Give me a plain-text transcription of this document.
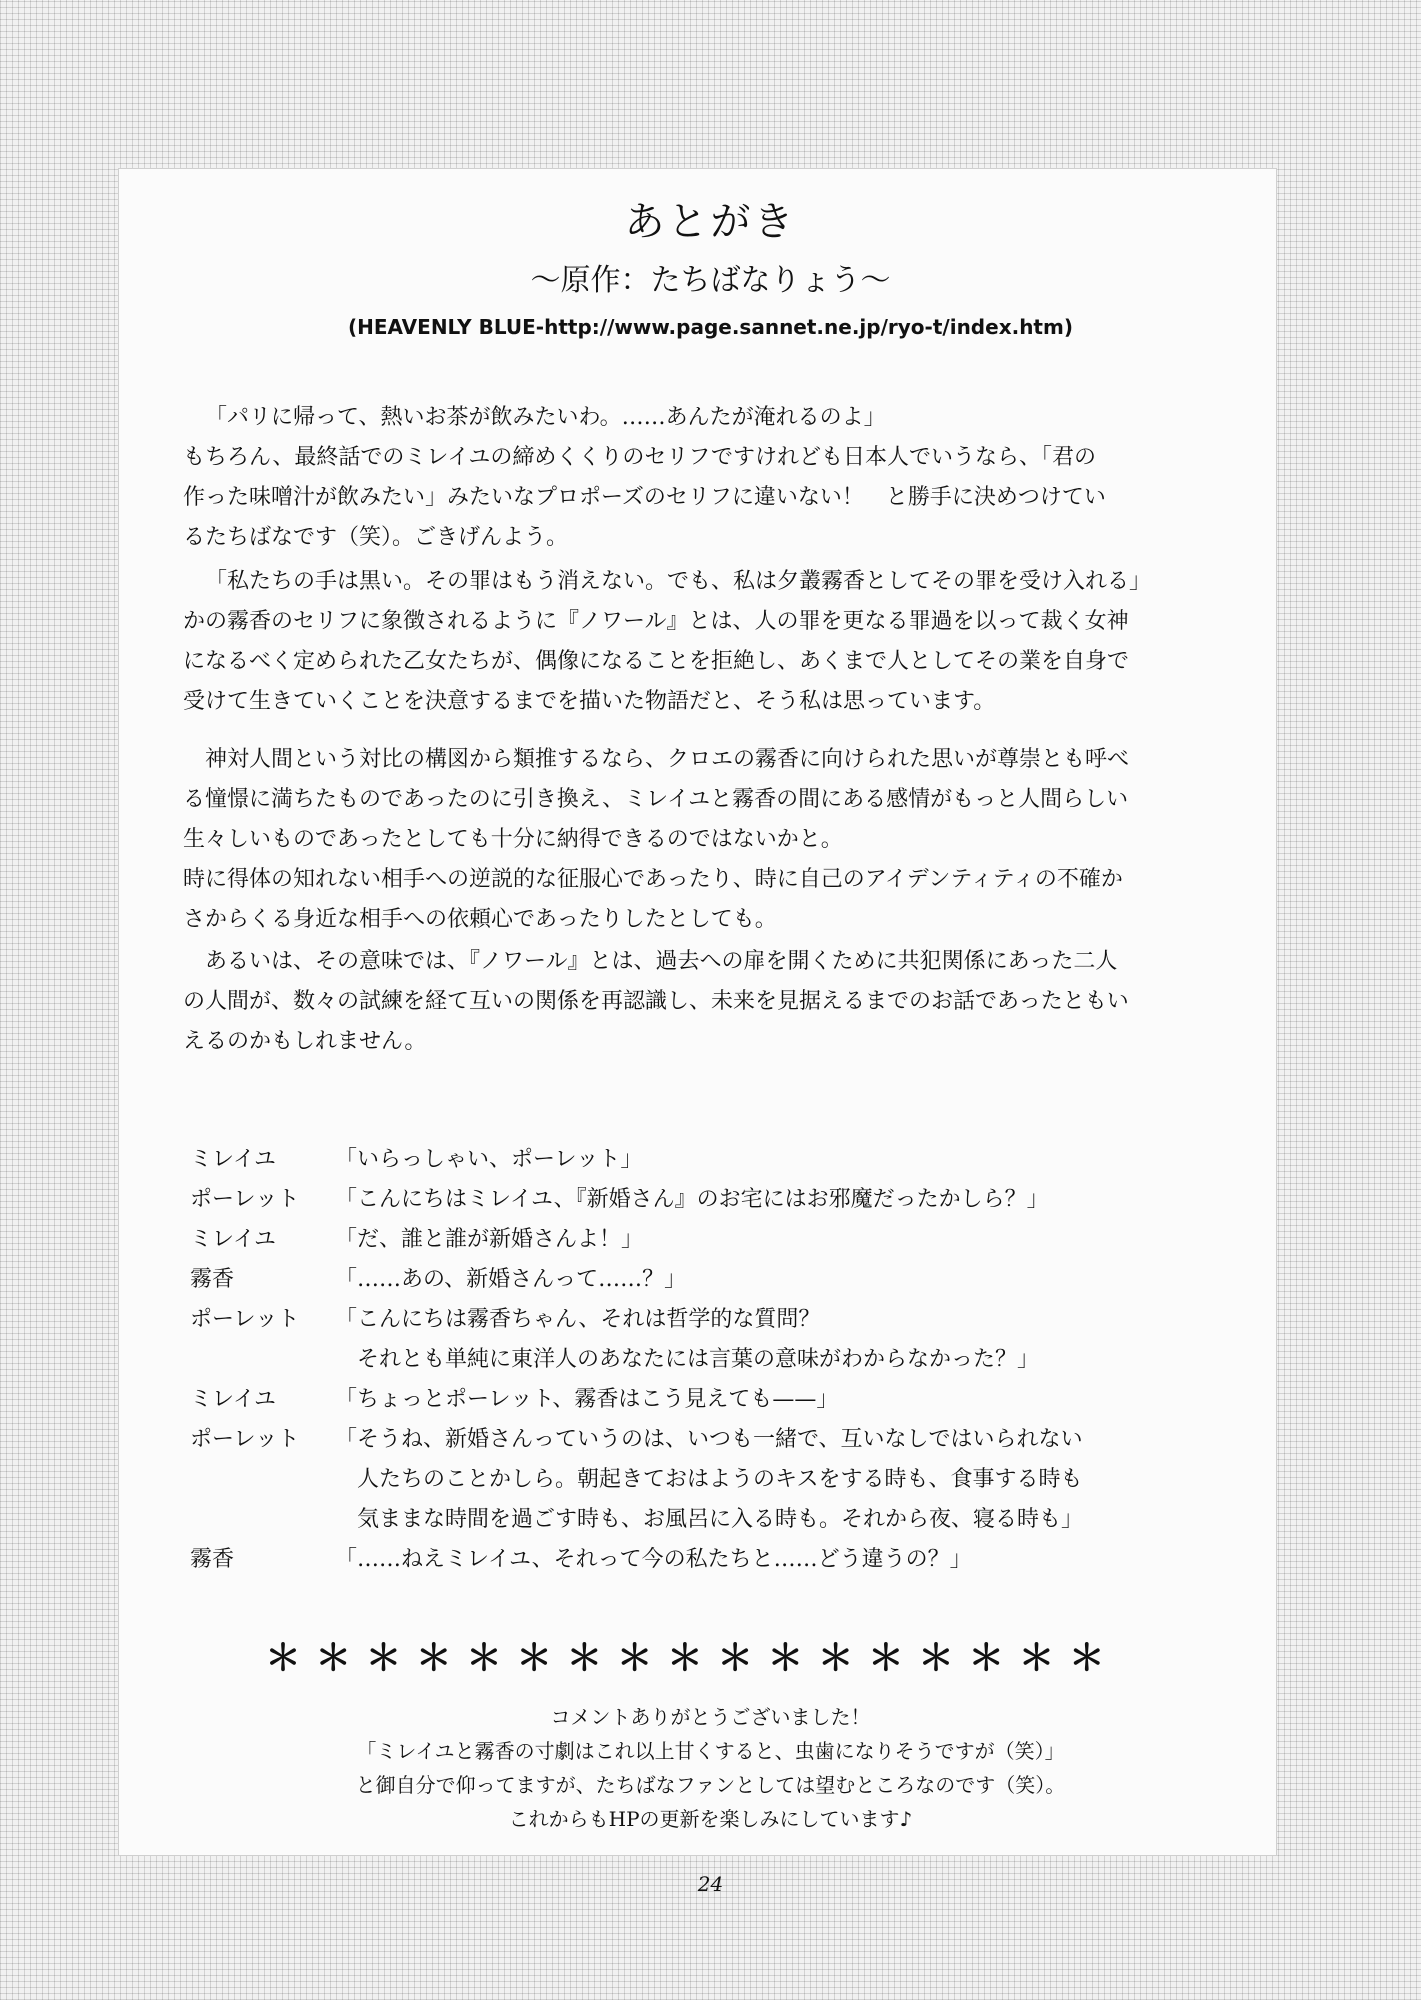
あとがき
〜原作：たちばなりょう〜
(HEAVENLY BLUE-http://www.page.sannet.ne.jp/ryo-t/index.htm)

「パリに帰って、熱いお茶が飲みたいわ。……あんたが淹れるのよ」

もちろん、最終話でのミレイユの締めくくりのセリフですけれども日本人でいうなら、「君の

作った味噌汁が飲みたい」みたいなプロポーズのセリフに違いない！　と勝手に決めつけてい

るたちばなです（笑）。ごきげんよう。

「私たちの手は黒い。その罪はもう消えない。でも、私は夕叢霧香としてその罪を受け入れる」

かの霧香のセリフに象徴されるように『ノワール』とは、人の罪を更なる罪過を以って裁く女神

になるべく定められた乙女たちが、偶像になることを拒絶し、あくまで人としてその業を自身で

受けて生きていくことを決意するまでを描いた物語だと、そう私は思っています。

神対人間という対比の構図から類推するなら、クロエの霧香に向けられた思いが尊崇とも呼べ

る憧憬に満ちたものであったのに引き換え、ミレイユと霧香の間にある感情がもっと人間らしい

生々しいものであったとしても十分に納得できるのではないかと。

時に得体の知れない相手への逆説的な征服心であったり、時に自己のアイデンティティの不確か

さからくる身近な相手への依頼心であったりしたとしても。

あるいは、その意味では、『ノワール』とは、過去への扉を開くために共犯関係にあった二人

の人間が、数々の試練を経て互いの関係を再認識し、未来を見据えるまでのお話であったともい

えるのかもしれません。

ミレイユ	「いらっしゃい、ポーレット」

ポーレット	「こんにちはミレイユ、『新婚さん』のお宅にはお邪魔だったかしら？」

ミレイユ	「だ、誰と誰が新婚さんよ！」

霧香	「……あの、新婚さんって……？」

ポーレット	「こんにちは霧香ちゃん、それは哲学的な質問？

　それとも単純に東洋人のあなたには言葉の意味がわからなかった？」

ミレイユ	「ちょっとポーレット、霧香はこう見えても——」

ポーレット	「そうね、新婚さんっていうのは、いつも一緒で、互いなしではいられない

　人たちのことかしら。朝起きておはようのキスをする時も、食事する時も

　気ままな時間を過ごす時も、お風呂に入る時も。それから夜、寝る時も」

霧香	「……ねえミレイユ、それって今の私たちと……どう違うの？」

＊ ＊ ＊ ＊ ＊ ＊ ＊ ＊ ＊ ＊ ＊ ＊ ＊ ＊ ＊ ＊ ＊

コメントありがとうございました！

「ミレイユと霧香の寸劇はこれ以上甘くすると、虫歯になりそうですが（笑）」

と御自分で仰ってますが、たちばなファンとしては望むところなのです（笑）。

これからもHPの更新を楽しみにしています♪

24
